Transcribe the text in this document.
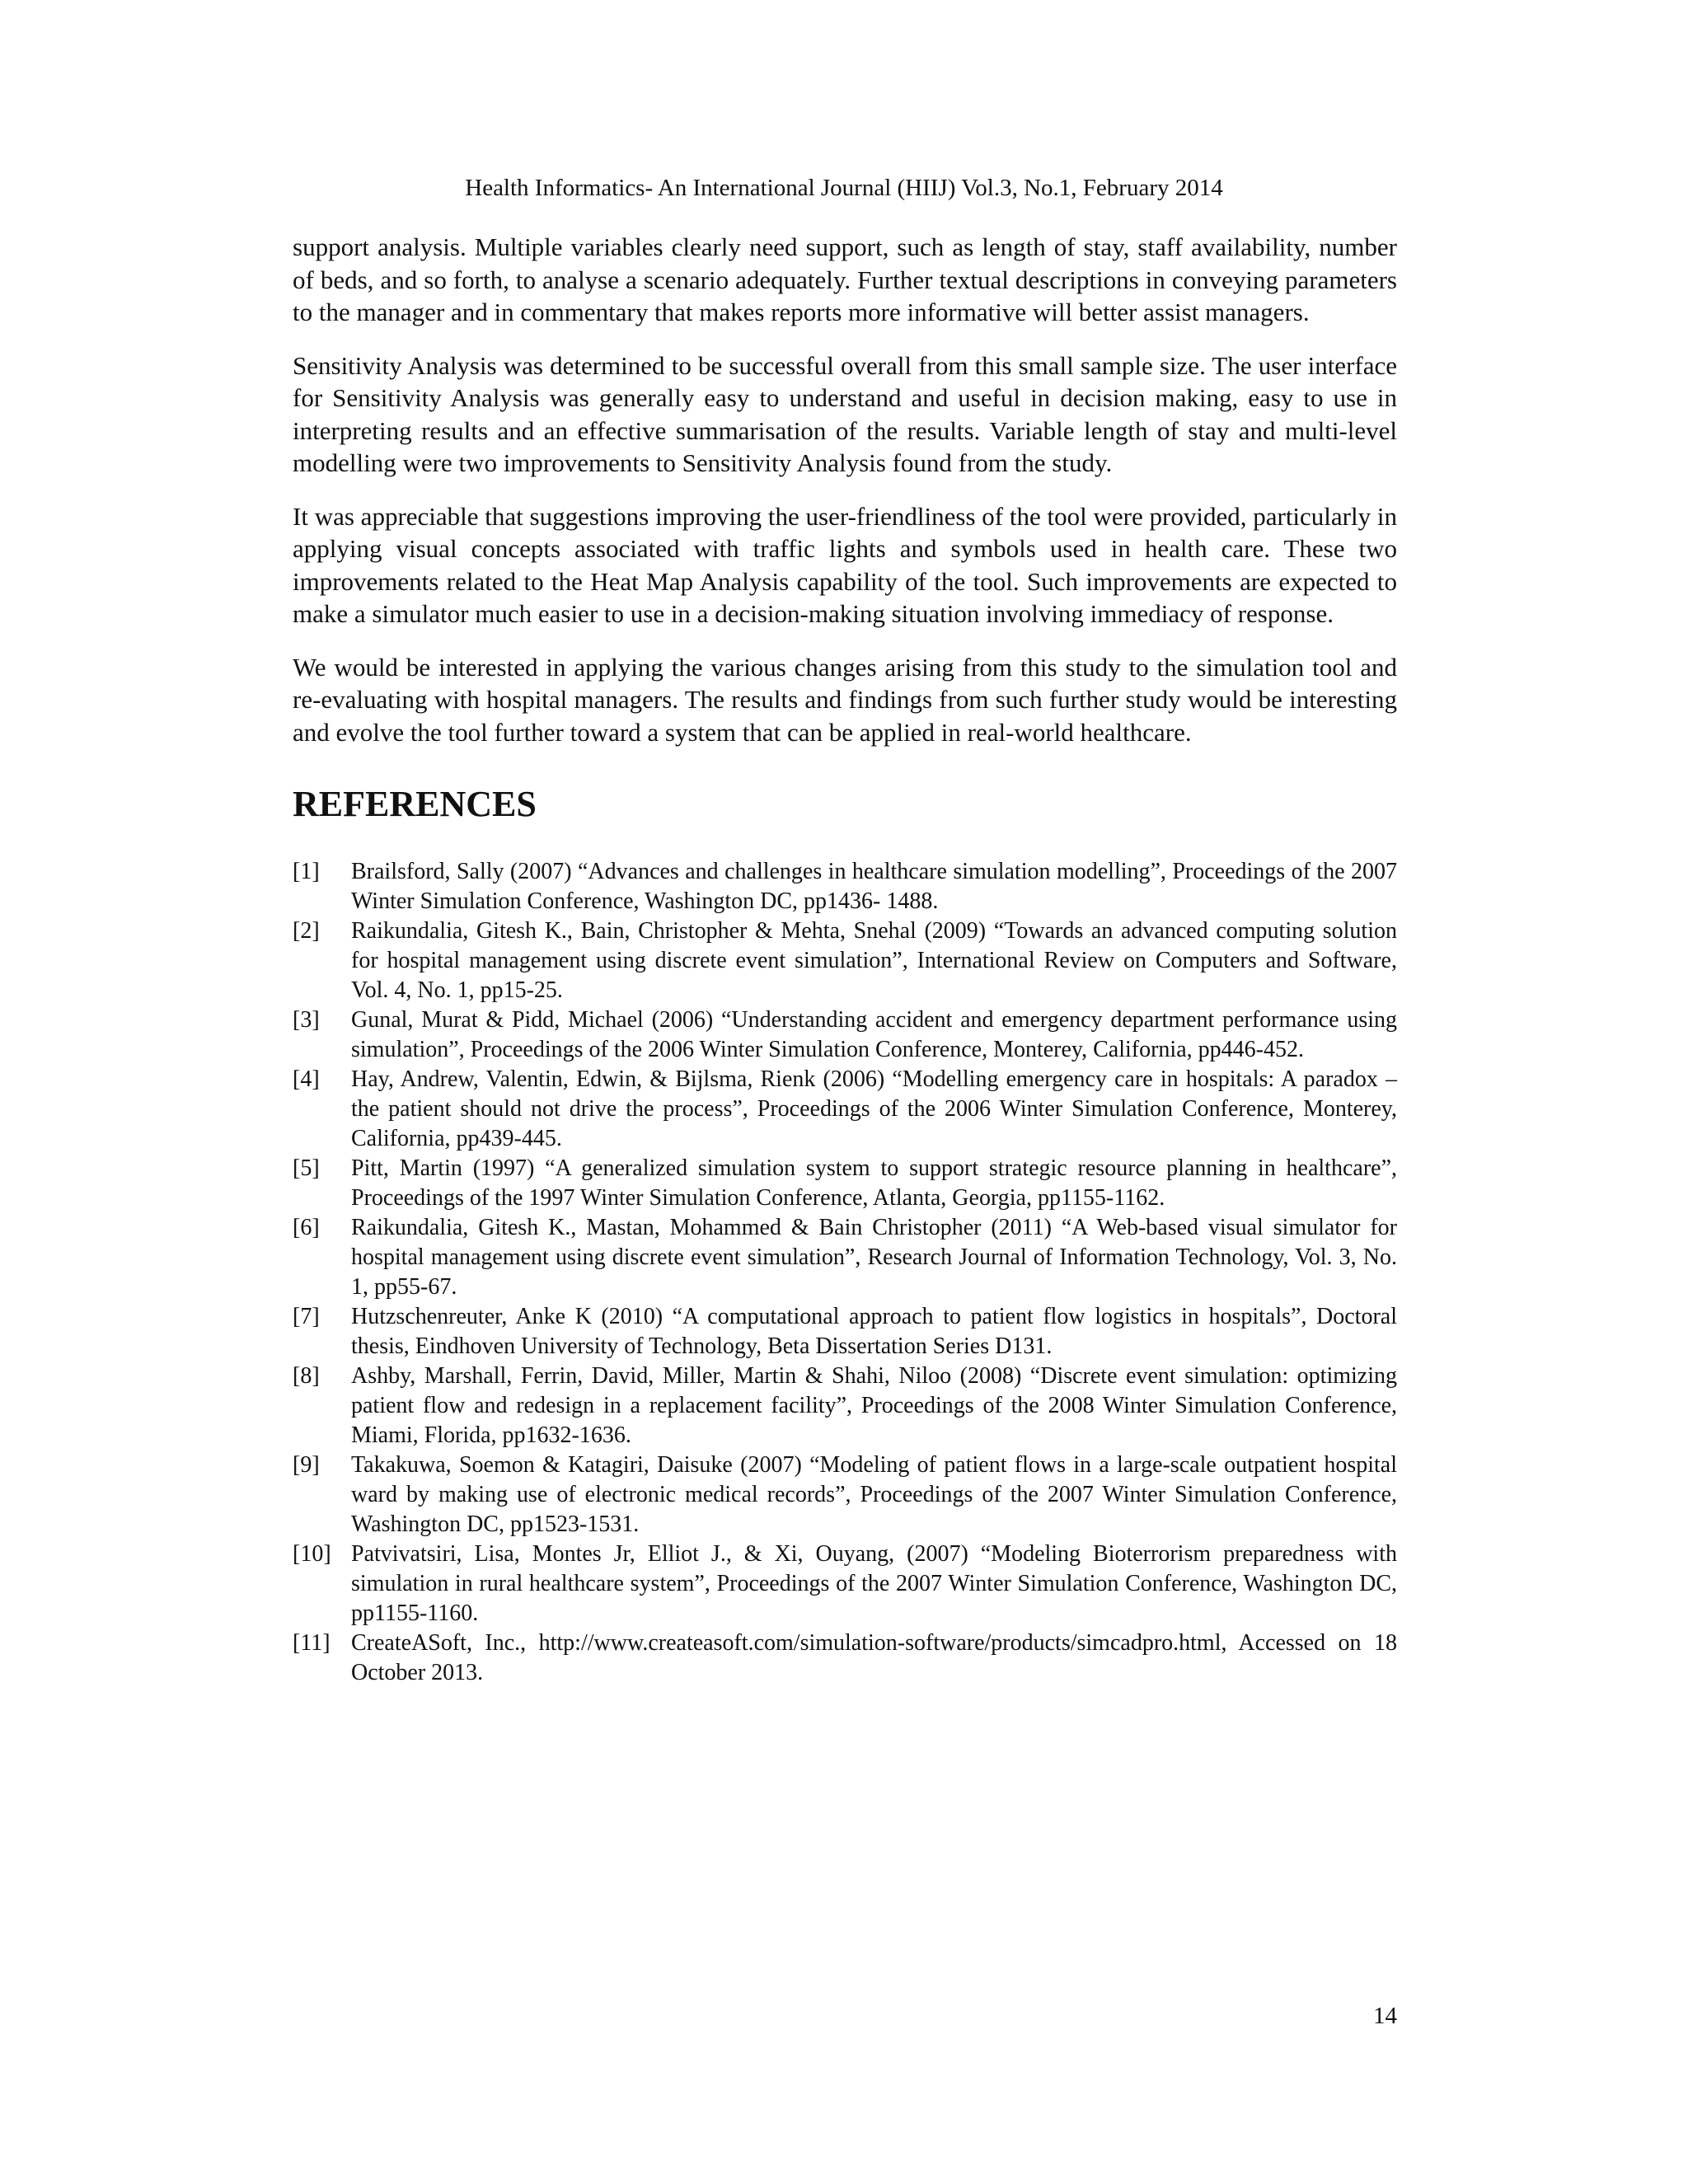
Health Informatics- An International Journal (HIIJ) Vol.3, No.1, February 2014

support analysis. Multiple variables clearly need support, such as length of stay, staff availability, number of beds, and so forth, to analyse a scenario adequately. Further textual descriptions in conveying parameters to the manager and in commentary that makes reports more informative will better assist managers.

Sensitivity Analysis was determined to be successful overall from this small sample size. The user interface for Sensitivity Analysis was generally easy to understand and useful in decision making, easy to use in interpreting results and an effective summarisation of the results. Variable length of stay and multi-level modelling were two improvements to Sensitivity Analysis found from the study.

It was appreciable that suggestions improving the user-friendliness of the tool were provided, particularly in applying visual concepts associated with traffic lights and symbols used in health care. These two improvements related to the Heat Map Analysis capability of the tool. Such improvements are expected to make a simulator much easier to use in a decision-making situation involving immediacy of response.

We would be interested in applying the various changes arising from this study to the simulation tool and re-evaluating with hospital managers. The results and findings from such further study would be interesting and evolve the tool further toward a system that can be applied in real-world healthcare.

REFERENCES
[1] Brailsford, Sally (2007) “Advances and challenges in healthcare simulation modelling”, Proceedings of the 2007 Winter Simulation Conference, Washington DC, pp1436- 1488.
[2] Raikundalia, Gitesh K., Bain, Christopher & Mehta, Snehal (2009) “Towards an advanced computing solution for hospital management using discrete event simulation”, International Review on Computers and Software, Vol. 4, No. 1, pp15-25.
[3] Gunal, Murat & Pidd, Michael (2006) “Understanding accident and emergency department performance using simulation”, Proceedings of the 2006 Winter Simulation Conference, Monterey, California, pp446-452.
[4] Hay, Andrew, Valentin, Edwin, & Bijlsma, Rienk (2006) “Modelling emergency care in hospitals: A paradox – the patient should not drive the process”, Proceedings of the 2006 Winter Simulation Conference, Monterey, California, pp439-445.
[5] Pitt, Martin (1997) “A generalized simulation system to support strategic resource planning in healthcare”, Proceedings of the 1997 Winter Simulation Conference, Atlanta, Georgia, pp1155-1162.
[6] Raikundalia, Gitesh K., Mastan, Mohammed & Bain Christopher (2011) “A Web-based visual simulator for hospital management using discrete event simulation”, Research Journal of Information Technology, Vol. 3, No. 1, pp55-67.
[7] Hutzschenreuter, Anke K (2010) “A computational approach to patient flow logistics in hospitals”, Doctoral thesis, Eindhoven University of Technology, Beta Dissertation Series D131.
[8] Ashby, Marshall, Ferrin, David, Miller, Martin & Shahi, Niloo (2008) “Discrete event simulation: optimizing patient flow and redesign in a replacement facility”, Proceedings of the 2008 Winter Simulation Conference, Miami, Florida, pp1632-1636.
[9] Takakuwa, Soemon & Katagiri, Daisuke (2007) “Modeling of patient flows in a large-scale outpatient hospital ward by making use of electronic medical records”, Proceedings of the 2007 Winter Simulation Conference, Washington DC, pp1523-1531.
[10] Patvivatsiri, Lisa, Montes Jr, Elliot J., & Xi, Ouyang, (2007) “Modeling Bioterrorism preparedness with simulation in rural healthcare system”, Proceedings of the 2007 Winter Simulation Conference, Washington DC, pp1155-1160.
[11] CreateASoft, Inc., http://www.createasoft.com/simulation-software/products/simcadpro.html, Accessed on 18 October 2013.
14
